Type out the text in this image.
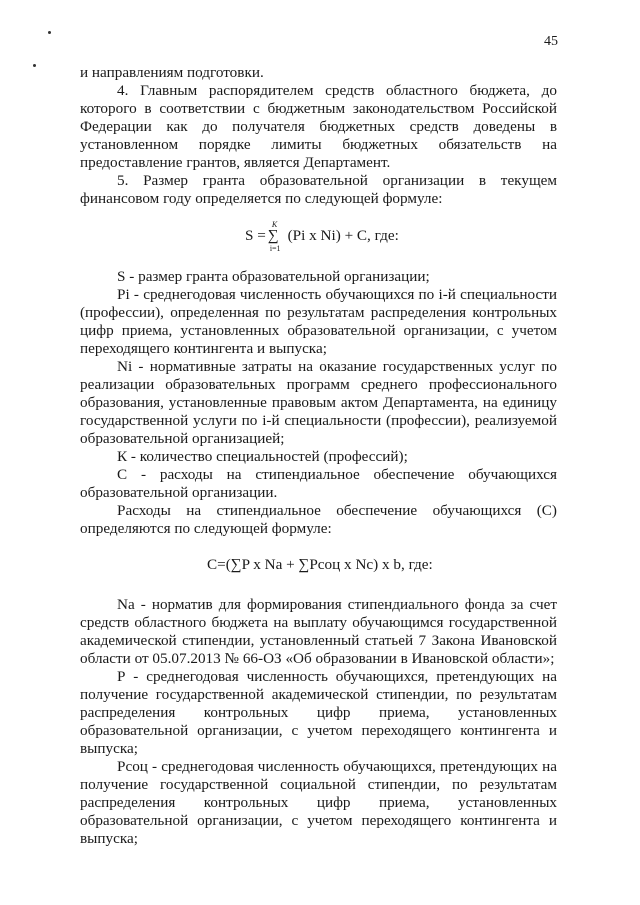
45

и направлениям подготовки.

4. Главным распорядителем средств областного бюджета, до

которого в соответствии с бюджетным законодательством Российской

Федерации как до получателя бюджетных средств доведены в

установленном порядке лимиты бюджетных обязательств на

предоставление грантов, является Департамент.

5. Размер гранта образовательной организации в текущем

финансовом году определяется по следующей формуле:

S = ∑
K
i=1
(Pi x Ni) + C, где:

S - размер гранта образовательной организации;

Pi - среднегодовая численность обучающихся по i-й специальности

(профессии), определенная по результатам распределения контрольных

цифр приема, установленных образовательной организации, с учетом

переходящего контингента и выпуска;

Ni - нормативные затраты на оказание государственных услуг по

реализации образовательных программ среднего профессионального

образования, установленные правовым актом Департамента, на единицу

государственной услуги по i-й специальности (профессии), реализуемой

образовательной организацией;

К - количество специальностей (профессий);

С - расходы на стипендиальное обеспечение обучающихся

образовательной организации.

Расходы на стипендиальное обеспечение обучающихся (С)

определяются по следующей формуле:

C=(∑P x Na + ∑Pсоц x Nc) x b, где:

Na - норматив для формирования стипендиального фонда за счет

средств областного бюджета на выплату обучающимся государственной

академической стипендии, установленный статьей 7 Закона Ивановской

области от 05.07.2013 № 66-ОЗ «Об образовании в Ивановской области»;

Р - среднегодовая численность обучающихся, претендующих на

получение государственной академической стипендии, по результатам

распределения контрольных цифр приема, установленных

образовательной организации, с учетом переходящего контингента и

выпуска;

Рсоц - среднегодовая численность обучающихся, претендующих на

получение государственной социальной стипендии, по результатам

распределения контрольных цифр приема, установленных

образовательной организации, с учетом переходящего контингента и

выпуска;
